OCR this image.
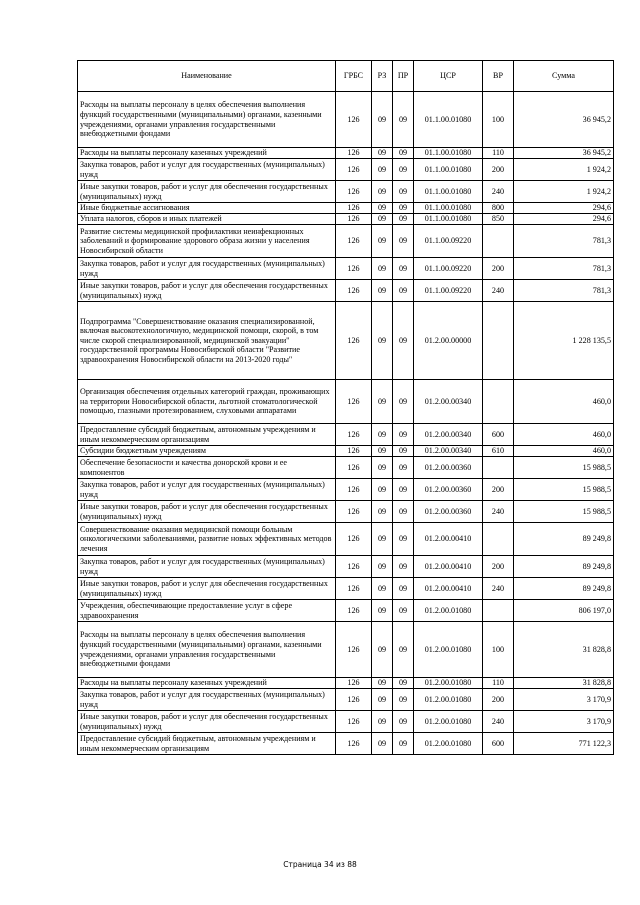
Наименование	ГРБС	РЗ	ПР	ЦСР	ВР	Сумма
Расходы на выплаты персоналу в целях обеспечения выполнения функций государственными (муниципальными) органами, казенными учреждениями, органами управления государственными внебюджетными фондами	126	09	09	01.1.00.01080	100	36 945,2
Расходы на выплаты персоналу казенных учреждений	126	09	09	01.1.00.01080	110	36 945,2
Закупка товаров, работ и услуг для государственных (муниципальных) нужд	126	09	09	01.1.00.01080	200	1 924,2
Иные закупки товаров, работ и услуг для обеспечения государственных (муниципальных) нужд	126	09	09	01.1.00.01080	240	1 924,2
Иные бюджетные ассигнования	126	09	09	01.1.00.01080	800	294,6
Уплата налогов, сборов и иных платежей	126	09	09	01.1.00.01080	850	294,6
Развитие системы медицинской профилактики неинфекционных заболеваний и формирование здорового образа жизни у населения Новосибирской области	126	09	09	01.1.00.09220		781,3
Закупка товаров, работ и услуг для государственных (муниципальных) нужд	126	09	09	01.1.00.09220	200	781,3
Иные закупки товаров, работ и услуг для обеспечения государственных (муниципальных) нужд	126	09	09	01.1.00.09220	240	781,3
Подпрограмма "Совершенствование оказания специализированной, включая высокотехнологичную, медицинской помощи, скорой, в том числе скорой специализированной, медицинской эвакуации" государственной программы Новосибирской области "Развитие здравоохранения Новосибирской области на 2013-2020 годы"	126	09	09	01.2.00.00000		1 228 135,5
Организация обеспечения отдельных категорий граждан, проживающих на территории Новосибирской области, льготной стоматологической помощью, глазными протезированием, слуховыми аппаратами	126	09	09	01.2.00.00340		460,0
Предоставление субсидий бюджетным, автономным учреждениям и иным некоммерческим организациям	126	09	09	01.2.00.00340	600	460,0
Субсидии бюджетным учреждениям	126	09	09	01.2.00.00340	610	460,0
Обеспечение безопасности и качества донорской крови и ее компонентов	126	09	09	01.2.00.00360		15 988,5
Закупка товаров, работ и услуг для государственных (муниципальных) нужд	126	09	09	01.2.00.00360	200	15 988,5
Иные закупки товаров, работ и услуг для обеспечения государственных (муниципальных) нужд	126	09	09	01.2.00.00360	240	15 988,5
Совершенствование оказания медицинской помощи больным онкологическими заболеваниями, развитие новых эффективных методов лечения	126	09	09	01.2.00.00410		89 249,8
Закупка товаров, работ и услуг для государственных (муниципальных) нужд	126	09	09	01.2.00.00410	200	89 249,8
Иные закупки товаров, работ и услуг для обеспечения государственных (муниципальных) нужд	126	09	09	01.2.00.00410	240	89 249,8
Учреждения, обеспечивающие предоставление услуг в сфере здравоохранения	126	09	09	01.2.00.01080		806 197,0
Расходы на выплаты персоналу в целях обеспечения выполнения функций государственными (муниципальными) органами, казенными учреждениями, органами управления государственными внебюджетными фондами	126	09	09	01.2.00.01080	100	31 828,8
Расходы на выплаты персоналу казенных учреждений	126	09	09	01.2.00.01080	110	31 828,8
Закупка товаров, работ и услуг для государственных (муниципальных) нужд	126	09	09	01.2.00.01080	200	3 170,9
Иные закупки товаров, работ и услуг для обеспечения государственных (муниципальных) нужд	126	09	09	01.2.00.01080	240	3 170,9
Предоставление субсидий бюджетным, автономным учреждениям и иным некоммерческим организациям	126	09	09	01.2.00.01080	600	771 122,3
Страница 34 из 88
